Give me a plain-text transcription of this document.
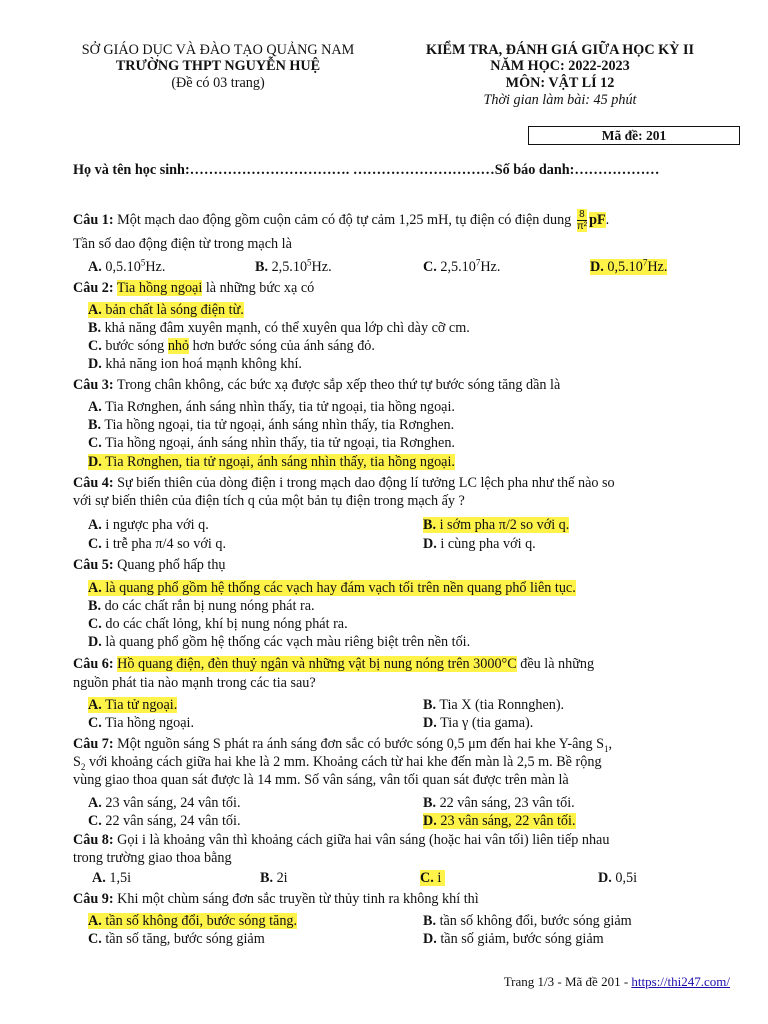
SỞ GIÁO DỤC VÀ ĐÀO TẠO QUẢNG NAM
TRƯỜNG THPT NGUYỄN HUỆ
(Đề có 03 trang)
KIỂM TRA, ĐÁNH GIÁ GIỮA HỌC KỲ II
NĂM HỌC: 2022-2023
MÔN: VẬT LÍ 12
Thời gian làm bài: 45 phút
Mã đề: 201
Họ và tên học sinh:……………………………. …………………………Số báo danh:………………
Câu 1: Một mạch dao động gồm cuộn cảm có độ tự cảm 1,25 mH, tụ điện có điện dung $\frac{8}{\text{π²}}$ pF.
Tần số dao động điện từ trong mạch là
A. 0,5.10$^5$Hz.	B. 2,5.10$^5$Hz.	C. 2,5.10$^7$Hz.	D. 0,5.10$^7$Hz.
Câu 2: Tia hồng ngoại là những bức xạ có
A. bản chất là sóng điện từ.
B. khả năng đâm xuyên mạnh, có thể xuyên qua lớp chì dày cỡ cm.
C. bước sóng nhỏ hơn bước sóng của ánh sáng đỏ.
D. khả năng ion hoá mạnh không khí.
Câu 3: Trong chân không, các bức xạ được sắp xếp theo thứ tự bước sóng tăng dần là
A. Tia Rơnghen, ánh sáng nhìn thấy, tia tử ngoại, tia hồng ngoại.
B. Tia hồng ngoại, tia tử ngoại, ánh sáng nhìn thấy, tia Rơnghen.
C. Tia hồng ngoại, ánh sáng nhìn thấy, tia tử ngoại, tia Rơnghen.
D. Tia Rơnghen, tia tử ngoại, ánh sáng nhìn thấy, tia hồng ngoại.
Câu 4: Sự biến thiên của dòng điện i trong mạch dao động lí tưởng LC lệch pha như thế nào so
với sự biến thiên của điện tích q của một bản tụ điện trong mạch ấy ?
A. i ngược pha với q.	B. i sớm pha π/2 so với q.
C. i trễ pha π/4 so với q.	D. i cùng pha với q.
Câu 5: Quang phổ hấp thụ
A. là quang phổ gồm hệ thống các vạch hay đám vạch tối trên nền quang phổ liên tục.
B. do các chất rắn bị nung nóng phát ra.
C. do các chất lỏng, khí bị nung nóng phát ra.
D. là quang phổ gồm hệ thống các vạch màu riêng biệt trên nền tối.
Câu 6: Hồ quang điện, đèn thuỷ ngân và những vật bị nung nóng trên 3000°C đều là những
nguồn phát tia nào mạnh trong các tia sau?
A. Tia tử ngoại.	B. Tia X (tia Ronnghen).
C. Tia hồng ngoại.	D. Tia γ (tia gama).
Câu 7: Một nguồn sáng S phát ra ánh sáng đơn sắc có bước sóng 0,5 μm đến hai khe Y-âng $S_1$,
$S_2$ với khoảng cách giữa hai khe là 2 mm. Khoảng cách từ hai khe đến màn là 2,5 m. Bề rộng
vùng giao thoa quan sát được là 14 mm. Số vân sáng, vân tối quan sát được trên màn là
A. 23 vân sáng, 24 vân tối.	B. 22 vân sáng, 23 vân tối.
C. 22 vân sáng, 24 vân tối.	D. 23 vân sáng, 22 vân tối.
Câu 8: Gọi i là khoảng vân thì khoảng cách giữa hai vân sáng (hoặc hai vân tối) liên tiếp nhau
trong trường giao thoa bằng
A. 1,5i	B. 2i	C. i	D. 0,5i
Câu 9: Khi một chùm sáng đơn sắc truyền từ thủy tinh ra không khí thì
A. tần số không đổi, bước sóng tăng.	B. tần số không đổi, bước sóng giảm
C. tần số tăng, bước sóng giảm	D. tần số giảm, bước sóng giảm
Trang 1/3 - Mã đề 201 - https://thi247.com/
